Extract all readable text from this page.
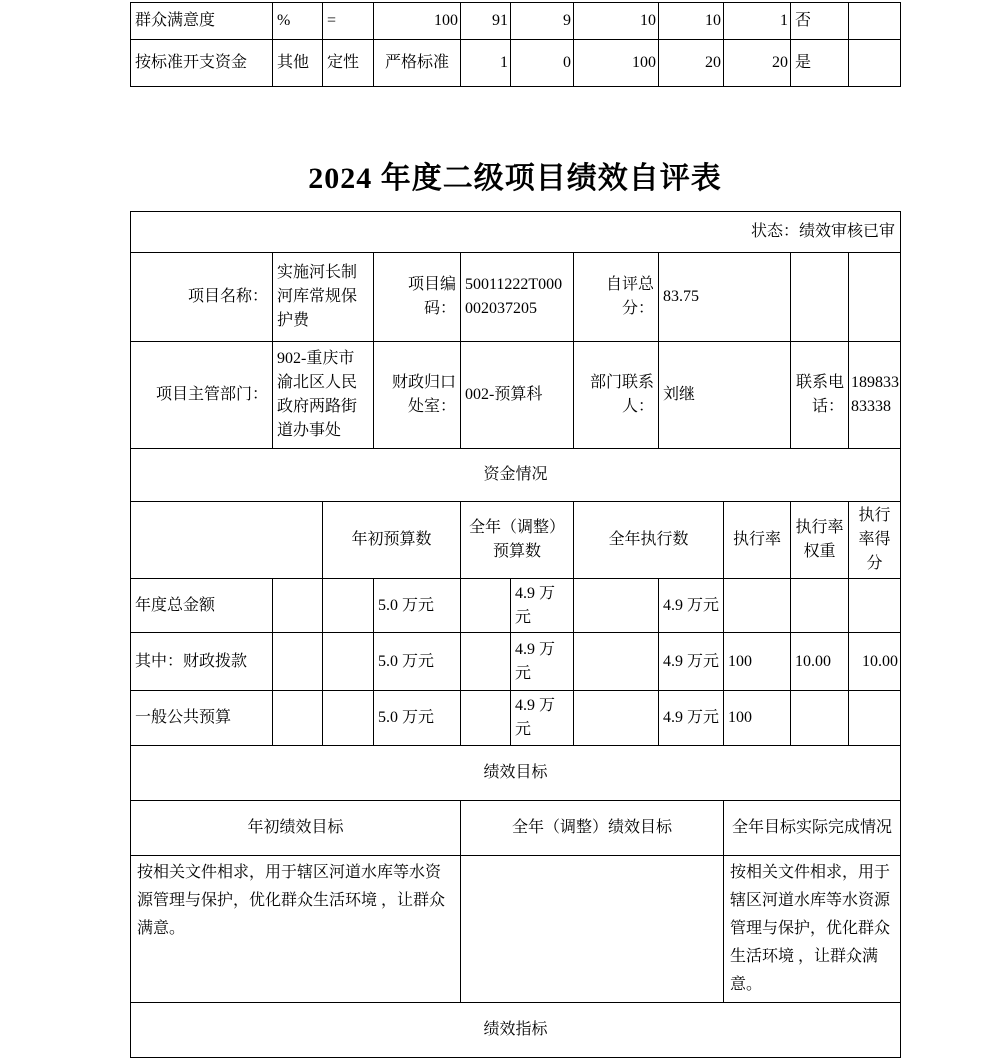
群众满意度	%	=	100	91	9	10	10	1	否	
按标准开支资金	其他	定性	严格标准	1	0	100	20	20	是	
2024 年度二级项目绩效自评表
状态：绩效审核已审										
项目名称：	实施河长制河库常规保护费		项目编码：	50011222T000002037205		自评总分：	83.75			
项目主管部门：	902-重庆市渝北区人民政府两路街道办事处		财政归口处室：	002-预算科		部门联系人：	刘继		联系电话：	18983383338
资金情况										
		年初预算数		全年（调整）预算数		全年执行数		执行率	执行率权重	执行率得分
年度总金额			5.0 万元		4.9 万元		4.9 万元			
其中：财政拨款			5.0 万元		4.9 万元		4.9 万元	100	10.00	10.00
一般公共预算			5.0 万元		4.9 万元		4.9 万元	100		
绩效目标										
年初绩效目标				全年（调整）绩效目标				全年目标实际完成情况		
按相关文件相求，用于辖区河道水库等水资源管理与保护，优化群众生活环境 ，让群众满意。								按相关文件相求，用于辖区河道水库等水资源管理与保护，优化群众生活环境 ，让群众满意。		
绩效指标										
